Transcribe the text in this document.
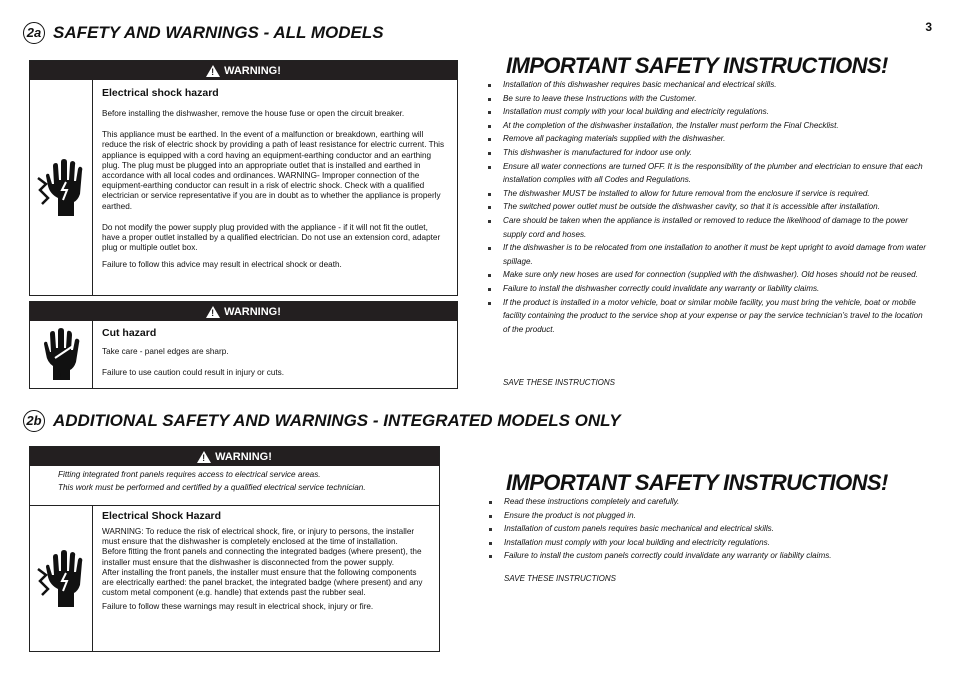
3
2a SAFETY AND WARNINGS - ALL MODELS
! WARNING!
Electrical shock hazard

Before installing the dishwasher, remove the house fuse or open the circuit breaker.

This appliance must be earthed. In the event of a malfunction or breakdown, earthing will reduce the risk of electric shock by providing a path of least resistance for electric current. This appliance is equipped with a cord having an equipment-earthing conductor and an earthing plug. The plug must be plugged into an appropriate outlet that is installed and earthed in accordance with all local codes and ordinances. WARNING- Improper connection of the equipment-earthing conductor can result in a risk of electric shock. Check with a qualified electrician or service representative if you are in doubt as to whether the appliance is properly earthed.

Do not modify the power supply plug provided with the appliance - if it will not fit the outlet, have a proper outlet installed by a qualified electrician. Do not use an extension cord, adapter plug or multiple outlet box.

Failure to follow this advice may result in electrical shock or death.

! WARNING!
Cut hazard

Take care - panel edges are sharp.

Failure to use caution could result in injury or cuts.

IMPORTANT SAFETY INSTRUCTIONS!
Installation of this dishwasher requires basic mechanical and electrical skills.
Be sure to leave these Instructions with the Customer.
Installation must comply with your local building and electricity regulations.
At the completion of the dishwasher installation, the Installer must perform the Final Checklist.
Remove all packaging materials supplied with the dishwasher.
This dishwasher is manufactured for indoor use only.
Ensure all water connections are turned OFF. It is the responsibility of the plumber and electrician to ensure that each installation complies with all Codes and Regulations.
The dishwasher MUST be installed to allow for future removal from the enclosure if service is required.
The switched power outlet must be outside the dishwasher cavity, so that it is accessible after installation.
Care should be taken when the appliance is installed or removed to reduce the likelihood of damage to the power supply cord and hoses.
If the dishwasher is to be relocated from one installation to another it must be kept upright to avoid damage from water spillage.
Make sure only new hoses are used for connection (supplied with the dishwasher). Old hoses should not be reused.
Failure to install the dishwasher correctly could invalidate any warranty or liability claims.
If the product is installed in a motor vehicle, boat or similar mobile facility, you must bring the vehicle, boat or mobile facility containing the product to the service shop at your expense or pay the service technician’s travel to the location of the product.
SAVE THESE INSTRUCTIONS
2b ADDITIONAL SAFETY AND WARNINGS - INTEGRATED MODELS ONLY
! WARNING!
Fitting integrated front panels requires access to electrical service areas.
This work must be performed and certified by a qualified electrical service technician.
Electrical Shock Hazard

WARNING: To reduce the risk of electrical shock, fire, or injury to persons, the installer must ensure that the dishwasher is completely enclosed at the time of installation.

Before fitting the front panels and connecting the integrated badges (where present), the installer must ensure that the dishwasher is disconnected from the power supply.

After installing the front panels, the installer must ensure that the following components are electrically earthed: the panel bracket, the integrated badge (where present) and any custom metal component (e.g. handle) that extends past the rubber seal.

Failure to follow these warnings may result in electrical shock, injury or fire.

IMPORTANT SAFETY INSTRUCTIONS!
Read these instructions completely and carefully.
Ensure the product is not plugged in.
Installation of custom panels requires basic mechanical and electrical skills.
Installation must comply with your local building and electricity regulations.
Failure to install the custom panels correctly could invalidate any warranty or liability claims.
SAVE THESE INSTRUCTIONS
